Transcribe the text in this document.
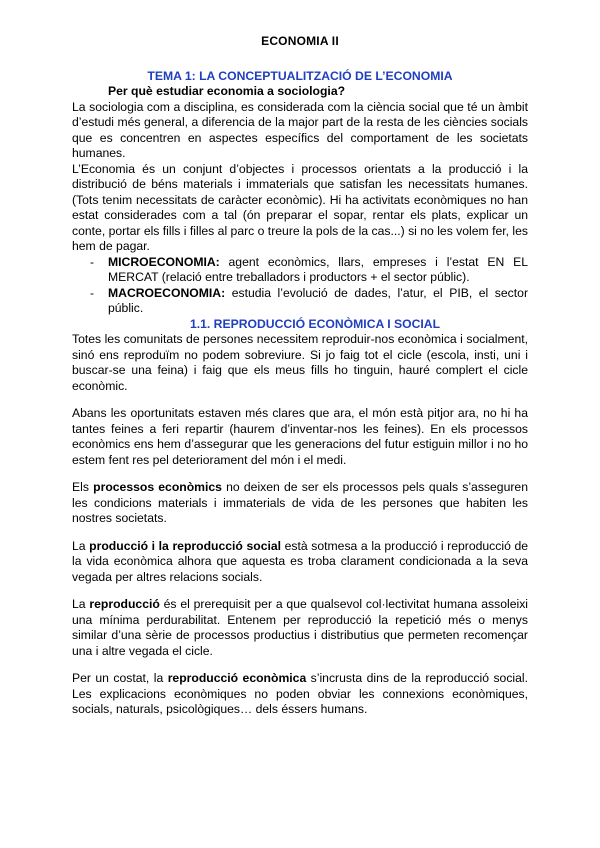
ECONOMIA II
TEMA 1: LA CONCEPTUALITZACIÓ DE L’ECONOMIA
Per què estudiar economia a sociologia?

La sociologia com a disciplina, es considerada com la ciència social que té un àmbit d’estudi més general, a diferencia de la major part de la resta de les ciències socials que es concentren en aspectes específics del comportament de les societats humanes.

L’Economia és un conjunt d’objectes i processos orientats a la producció i la distribució de béns materials i immaterials que satisfan les necessitats humanes. (Tots tenim necessitats de caràcter econòmic). Hi ha activitats econòmiques no han estat considerades com a tal (ón preparar el sopar, rentar els plats, explicar un conte, portar els fills i filles al parc o treure la pols de la cas...) si no les volem fer, les hem de pagar.

- MICROECONOMIA: agent econòmics, llars, empreses i l’estat EN EL MERCAT (relació entre treballadors i productors + el sector públic).
- MACROECONOMIA: estudia l’evolució de dades, l’atur, el PIB, el sector públic.
1.1. REPRODUCCIÓ ECONÒMICA I SOCIAL

Totes les comunitats de persones necessitem reproduir-nos econòmica i socialment, sinó ens reproduïm no podem sobreviure. Si jo faig tot el cicle (escola, insti, uni i buscar-se una feina) i faig que els meus fills ho tinguin, hauré complert el cicle econòmic.

Abans les oportunitats estaven més clares que ara, el món està pitjor ara, no hi ha tantes feines a feri repartir (haurem d’inventar-nos les feines). En els processos econòmics ens hem d’assegurar que les generacions del futur estiguin millor i no ho estem fent res pel deteriorament del món i el medi.

Els processos econòmics no deixen de ser els processos pels quals s’asseguren les condicions materials i immaterials de vida de les persones que habiten les nostres societats.

La producció i la reproducció social està sotmesa a la producció i reproducció de la vida econòmica alhora que aquesta es troba clarament condicionada a la seva vegada per altres relacions socials.

La reproducció és el prerequisit per a que qualsevol col·lectivitat humana assoleixi una mínima perdurabilitat. Entenem per reproducció la repetició més o menys similar d’una sèrie de processos productius i distributius que permeten recomençar una i altre vegada el cicle.

Per un costat, la reproducció econòmica s’incrusta dins de la reproducció social. Les explicacions econòmiques no poden obviar les connexions econòmiques, socials, naturals, psicològiques… dels éssers humans.
